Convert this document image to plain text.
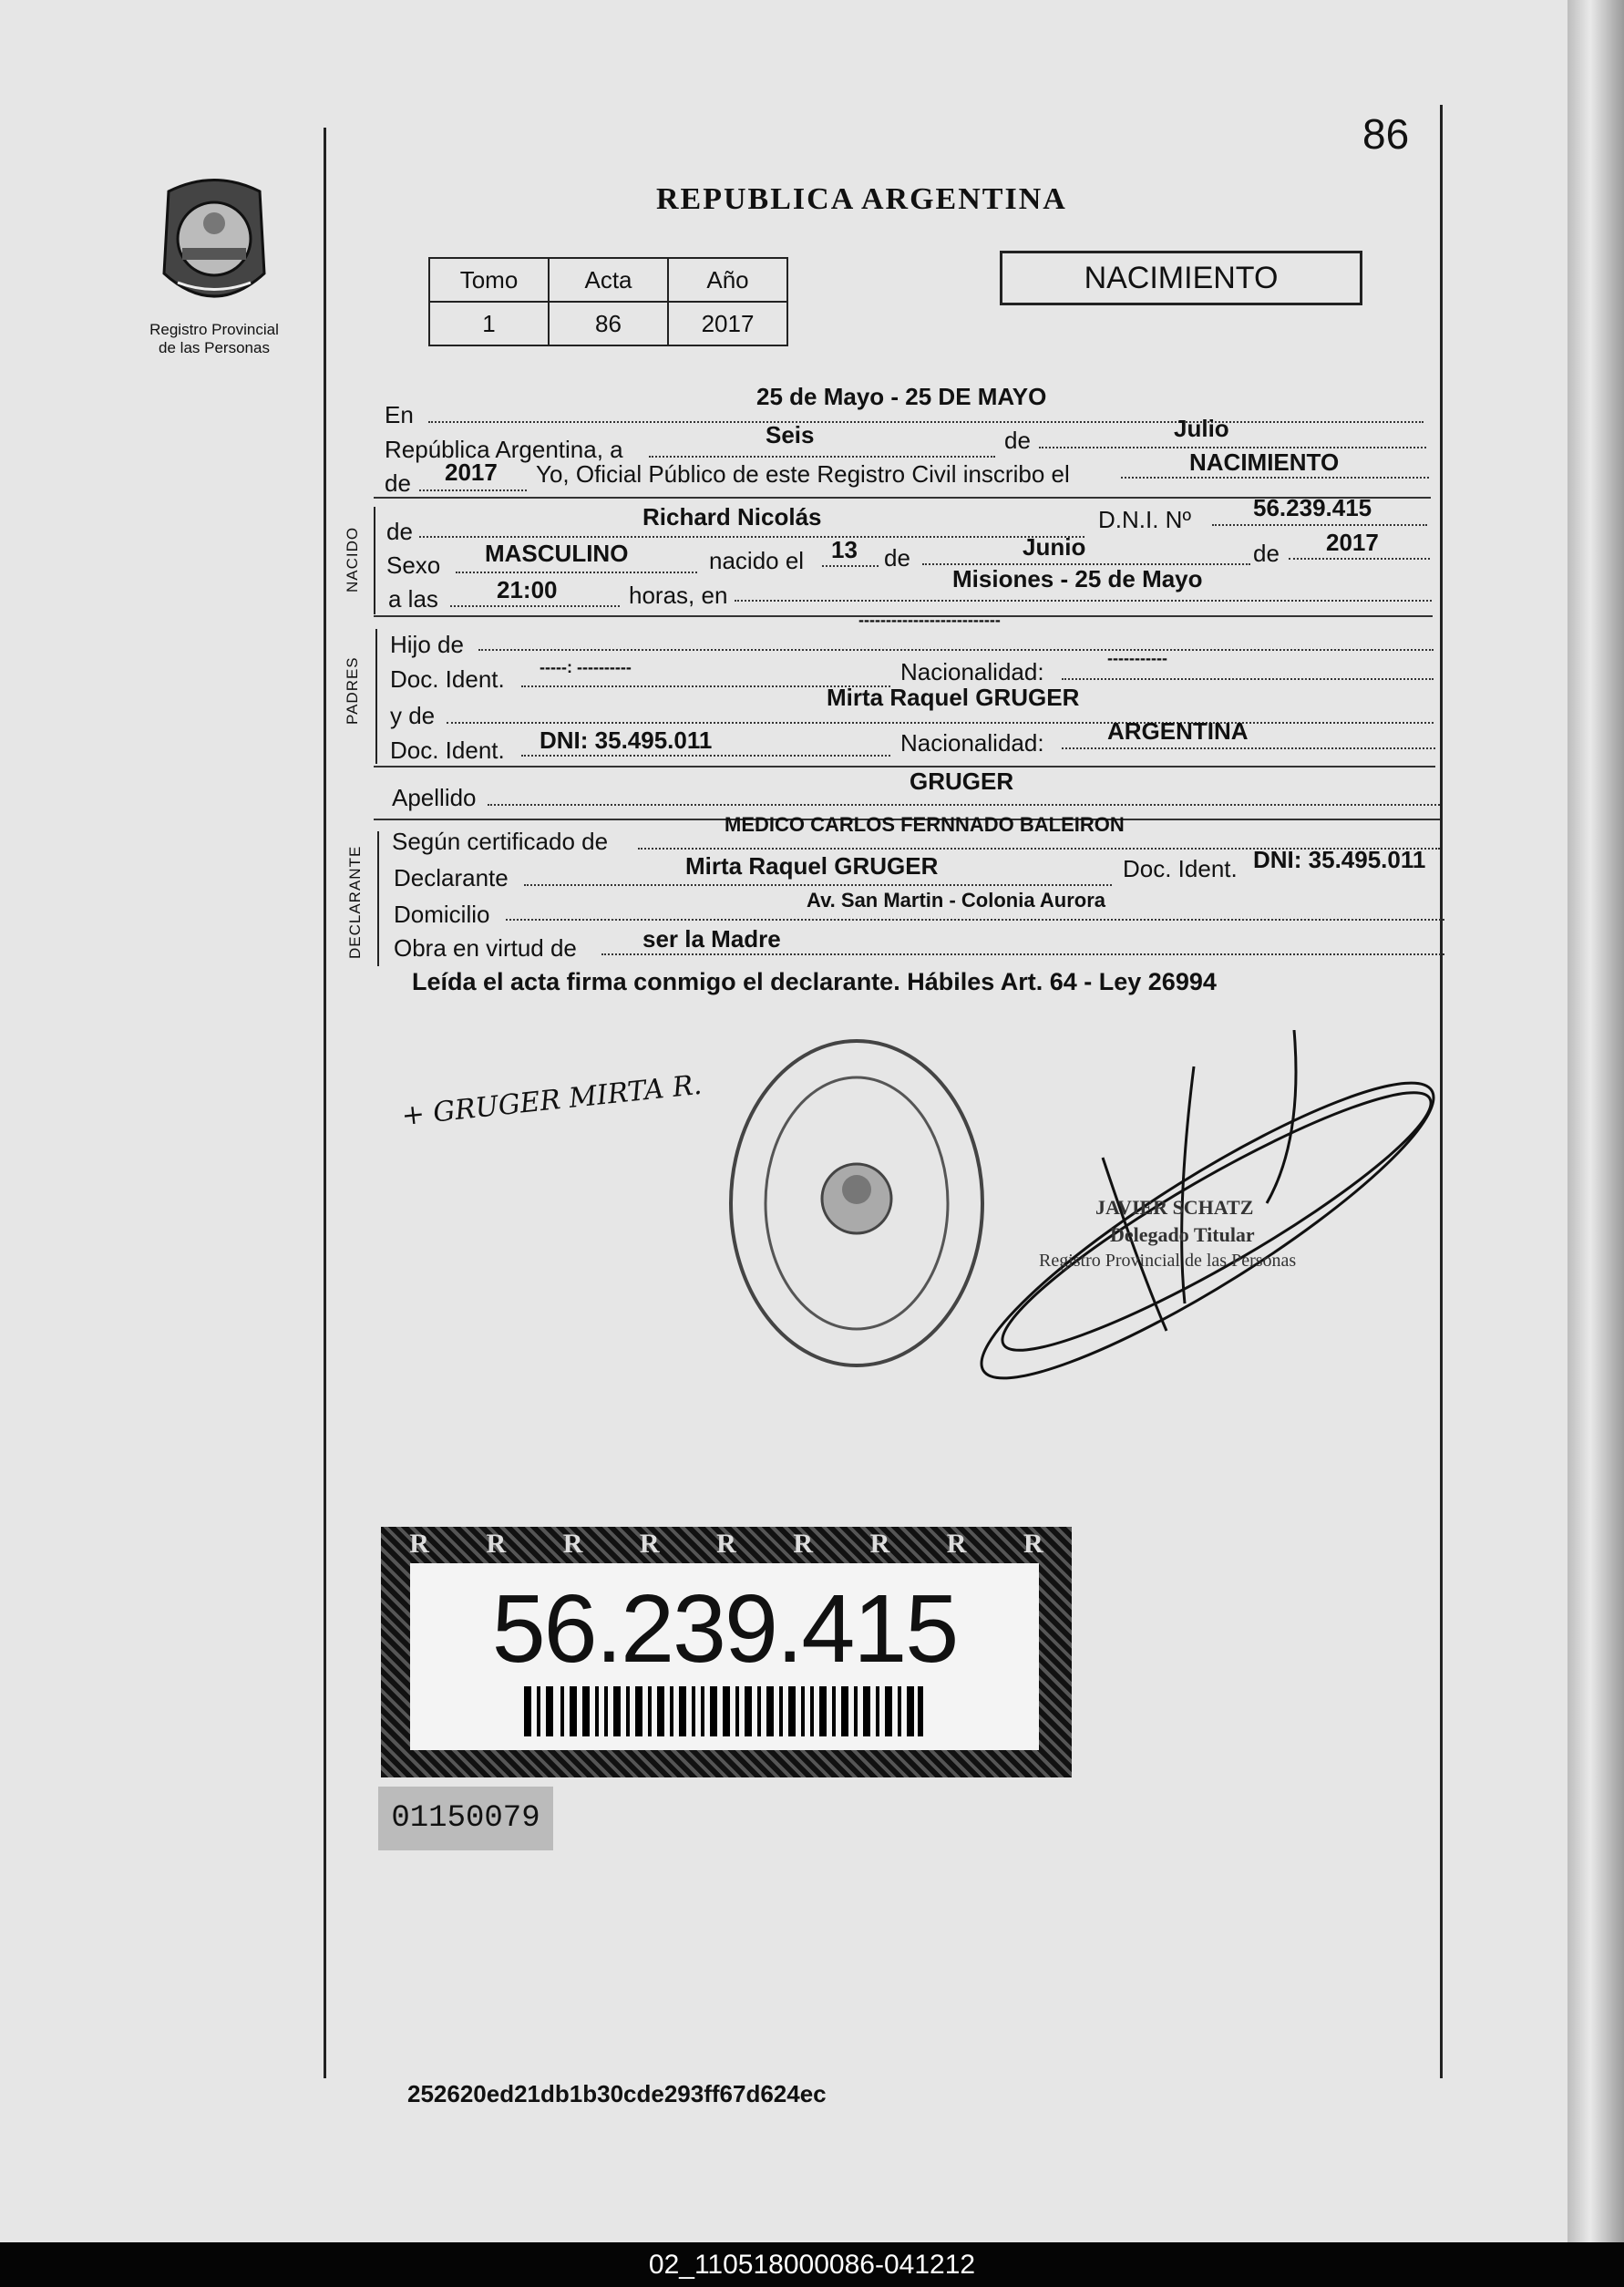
86
REPUBLICA ARGENTINA
Registro Provincial
de las Personas
Tomo	Acta	Año
1	86	2017
NACIMIENTO
En
25 de Mayo - 25 DE MAYO
República Argentina, a
Seis	de	Julio
de 2017 Yo, Oficial Público de este Registro Civil inscribo el	NACIMIENTO
NACIDO de
Richard Nicolás	D.N.I. Nº	56.239.415
Sexo MASCULINO	nacido el 13 de	Junio	de 2017
a las 21:00	horas, en
Misiones - 25 de Mayo
PADRES
Hijo de
--------------------------
Doc. Ident. -----: ----------	Nacionalidad:	-----------
y de
Mirta Raquel GRUGER
Doc. Ident. DNI: 35.495.011	Nacionalidad:	ARGENTINA
Apellido
GRUGER
DECLARANTE
Según certificado de
MEDICO CARLOS FERNNADO BALEIRON
Declarante	Mirta Raquel GRUGER	Doc. Ident. DNI: 35.495.011
Domicilio
Av. San Martin - Colonia Aurora
Obra en virtud de	ser la Madre
Leída el acta firma conmigo el declarante. Hábiles Art. 64 - Ley 26994
+ GRUGER MIRTA R.
JAVIER SCHATZ
Delegado Titular
Registro Provincial de las Personas
R R R R R R R R R
56.239.415
01150079
252620ed21db1b30cde293ff67d624ec
02_110518000086-041212
